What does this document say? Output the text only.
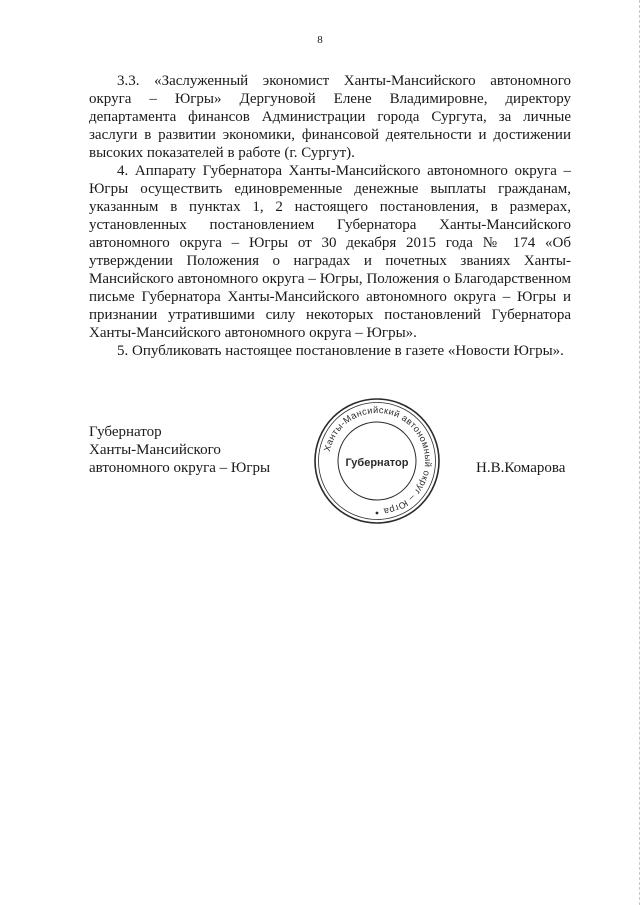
8

3.3. «Заслуженный экономист Ханты-Мансийского автономного округа – Югры» Дергуновой Елене Владимировне, директору департамента финансов Администрации города Сургута, за личные заслуги в развитии экономики, финансовой деятельности и достижении высоких показателей в работе (г. Сургут).

4. Аппарату Губернатора Ханты-Мансийского автономного округа – Югры осуществить единовременные денежные выплаты гражданам, указанным в пунктах 1, 2 настоящего постановления, в размерах, установленных постановлением Губернатора Ханты-Мансийского автономного округа – Югры от 30 декабря 2015 года № 174 «Об утверждении Положения о наградах и почетных званиях Ханты-Мансийского автономного округа – Югры, Положения о Благодарственном письме Губернатора Ханты-Мансийского автономного округа – Югры и признании утратившими силу некоторых постановлений Губернатора Ханты-Мансийского автономного округа – Югры».

5. Опубликовать настоящее постановление в газете «Новости Югры».

Губернатор
Ханты-Мансийского
автономного округа – Югры
Ханты-Мансийский автономный округ – Югра
Губернатор	Н.В.Комарова
